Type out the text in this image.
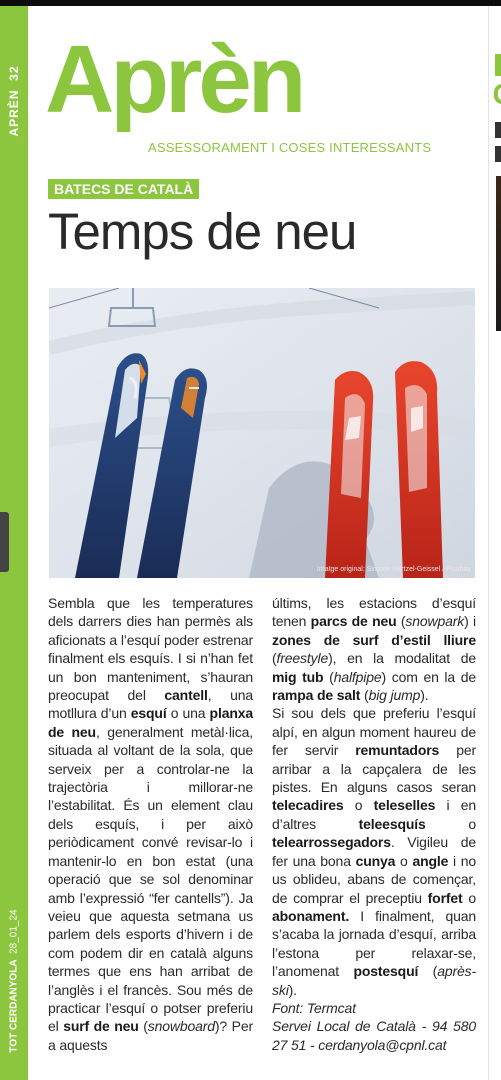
APRÈN  32
TOT CERDANYOLA  28_01_24
Aprèn
ASSESSORAMENT I COSES INTERESSANTS
BATECS DE CATALÀ
Temps de neu
Imatge original: Simone Hertzel-Geissel / Pixabay
Sembla que les temperatures dels darrers dies han permès als aficionats a l’esquí poder estrenar finalment els esquís. I si n’han fet un bon manteniment, s’hauran preocupat del cantell, una motllura d’un esquí o una planxa de neu, generalment metàl·lica, situada al voltant de la sola, que serveix per a controlar-ne la trajectòria i millorar-ne l’estabilitat. És un element clau dels esquís, i per això periòdicament convé revisar-lo i mantenir-lo en bon estat (una operació que se sol denominar amb l’expressió “fer cantells”). Ja veieu que aquesta setmana us parlem dels esports d’hivern i de com podem dir en català alguns termes que ens han arribat de l’anglès i el francès. Sou més de practicar l’esquí o potser preferiu el surf de neu (snowboard)? Per a aquests
últims, les estacions d’esquí tenen parcs de neu (snowpark) i zones de surf d’estil lliure (freestyle), en la modalitat de mig tub (halfpipe) com en la de rampa de salt (big jump).
Si sou dels que preferiu l’esquí alpí, en algun moment haureu de fer servir remuntadors per arribar a la capçalera de les pistes. En alguns casos seran telecadires o teleselles i en d’altres teleesquís o telearrossegadors. Vigileu de fer una bona cunya o angle i no us oblideu, abans de començar, de comprar el preceptiu forfet o abonament. I finalment, quan s’acaba la jornada d’esquí, arriba l’estona per relaxar-se, l’anomenat postesquí (après-ski).
Font: Termcat
Servei Local de Català - 94 580 27 51 - cerdanyola@cpnl.cat
